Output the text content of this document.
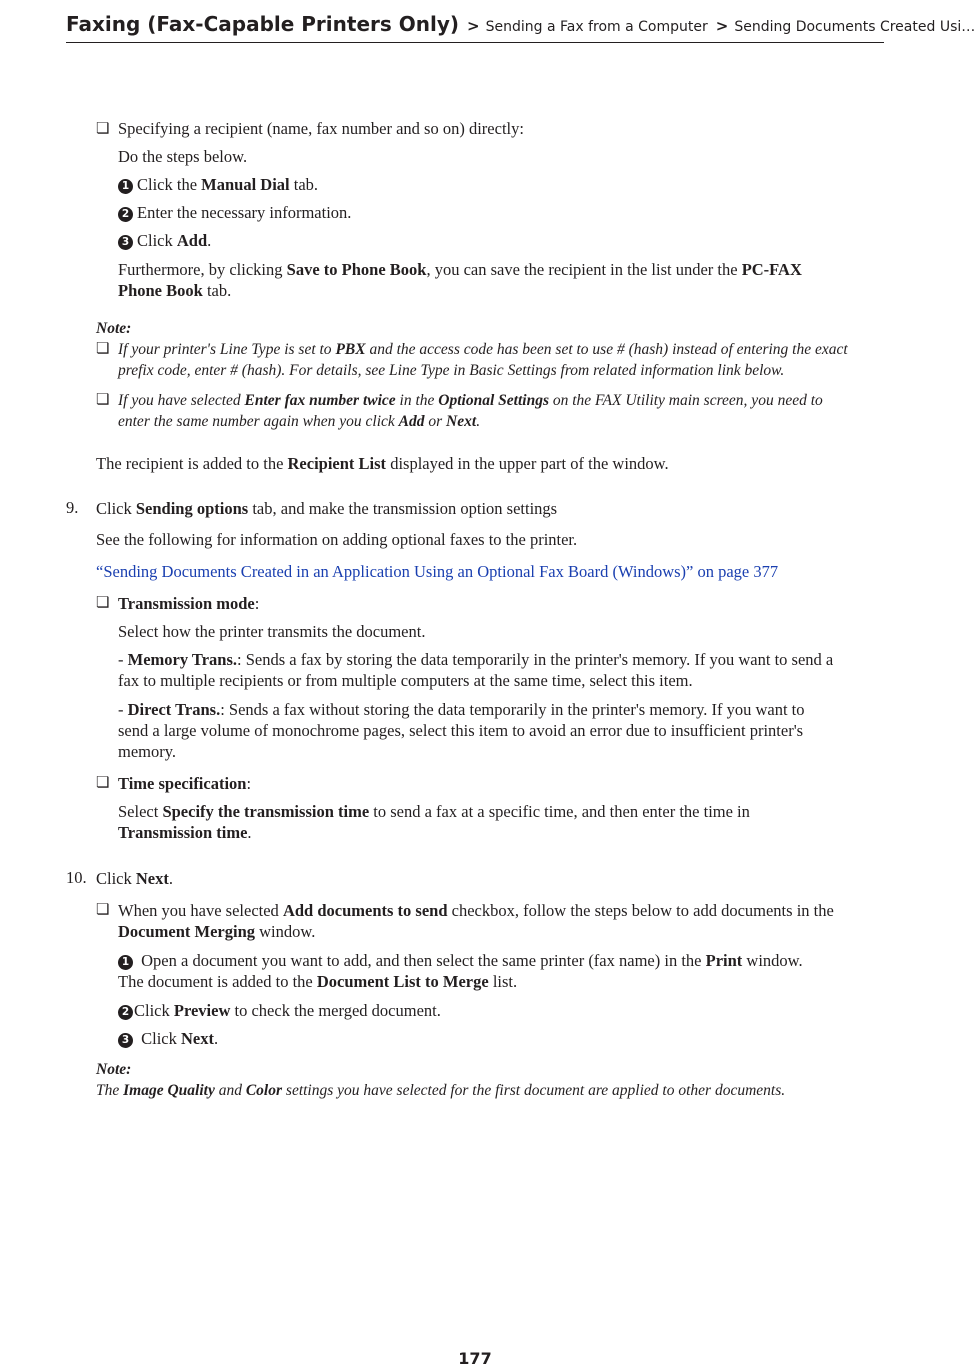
Faxing (Fax-Capable Printers Only) > Sending a Fax from a Computer > Sending Documents Created Usi…
❏ Specifying a recipient (name, fax number and so on) directly:
Do the steps below.
1 Click the Manual Dial tab.
2 Enter the necessary information.
3 Click Add.
Furthermore, by clicking Save to Phone Book, you can save the recipient in the list under the PC-FAX
Phone Book tab.
Note:
❏ If your printer's Line Type is set to PBX and the access code has been set to use # (hash) instead of entering the exact
prefix code, enter # (hash). For details, see Line Type in Basic Settings from related information link below.
❏ If you have selected Enter fax number twice in the Optional Settings on the FAX Utility main screen, you need to
enter the same number again when you click Add or Next.
The recipient is added to the Recipient List displayed in the upper part of the window.
9. Click Sending options tab, and make the transmission option settings
See the following for information on adding optional faxes to the printer.
“Sending Documents Created in an Application Using an Optional Fax Board (Windows)” on page 377
❏ Transmission mode:
Select how the printer transmits the document.
- Memory Trans.: Sends a fax by storing the data temporarily in the printer's memory. If you want to send a
fax to multiple recipients or from multiple computers at the same time, select this item.
- Direct Trans.: Sends a fax without storing the data temporarily in the printer's memory. If you want to
send a large volume of monochrome pages, select this item to avoid an error due to insufficient printer's
memory.
❏ Time specification:
Select Specify the transmission time to send a fax at a specific time, and then enter the time in
Transmission time.
10. Click Next.
❏ When you have selected Add documents to send checkbox, follow the steps below to add documents in the
Document Merging window.
1 Open a document you want to add, and then select the same printer (fax name) in the Print window.
The document is added to the Document List to Merge list.
2 Click Preview to check the merged document.
3 Click Next.
Note:
The Image Quality and Color settings you have selected for the first document are applied to other documents.
177
